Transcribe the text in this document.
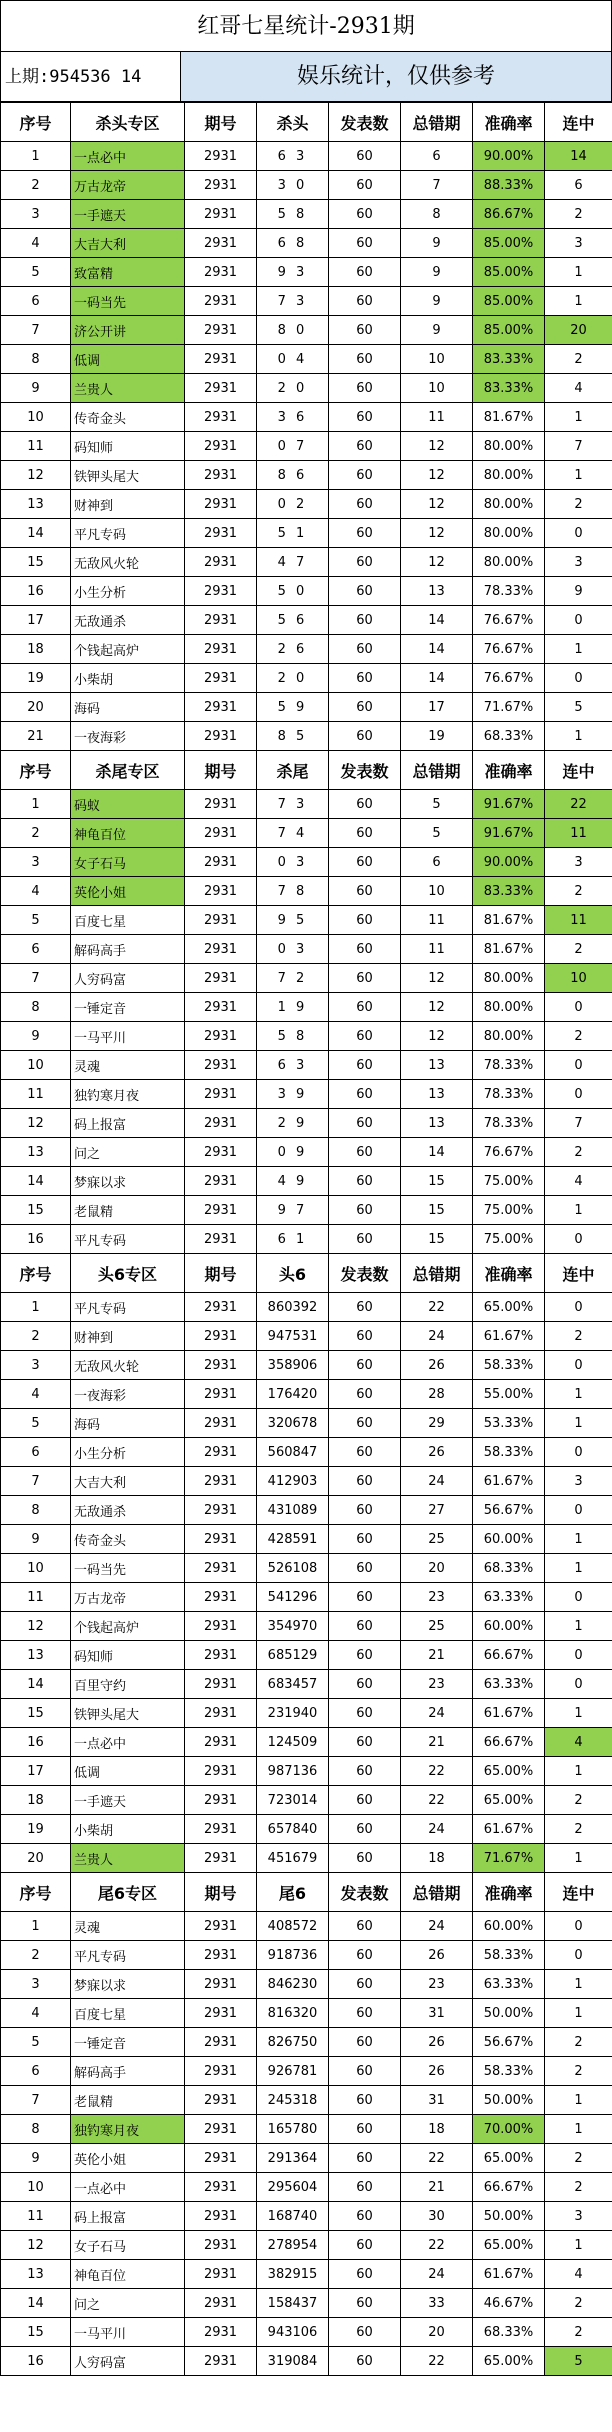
红哥七星统计-2931期
上期:954536 14	娱乐统计，仅供参考
序号	杀头专区	期号	杀头	发表数	总错期	准确率	连中
1	一点必中	2931	6 3	60	6	90.00%	14
2	万古龙帝	2931	3 0	60	7	88.33%	6
3	一手遮天	2931	5 8	60	8	86.67%	2
4	大吉大利	2931	6 8	60	9	85.00%	3
5	致富精	2931	9 3	60	9	85.00%	1
6	一码当先	2931	7 3	60	9	85.00%	1
7	济公开讲	2931	8 0	60	9	85.00%	20
8	低调	2931	0 4	60	10	83.33%	2
9	兰贵人	2931	2 0	60	10	83.33%	4
10	传奇金头	2931	3 6	60	11	81.67%	1
11	码知师	2931	0 7	60	12	80.00%	7
12	铁钾头尾大	2931	8 6	60	12	80.00%	1
13	财神到	2931	0 2	60	12	80.00%	2
14	平凡专码	2931	5 1	60	12	80.00%	0
15	无敌风火轮	2931	4 7	60	12	80.00%	3
16	小生分析	2931	5 0	60	13	78.33%	9
17	无敌通杀	2931	5 6	60	14	76.67%	0
18	个钱起高炉	2931	2 6	60	14	76.67%	1
19	小柴胡	2931	2 0	60	14	76.67%	0
20	海码	2931	5 9	60	17	71.67%	5
21	一夜海彩	2931	8 5	60	19	68.33%	1
序号	杀尾专区	期号	杀尾	发表数	总错期	准确率	连中
1	码蚁	2931	7 3	60	5	91.67%	22
2	神龟百位	2931	7 4	60	5	91.67%	11
3	女子石马	2931	0 3	60	6	90.00%	3
4	英伦小姐	2931	7 8	60	10	83.33%	2
5	百度七星	2931	9 5	60	11	81.67%	11
6	解码高手	2931	0 3	60	11	81.67%	2
7	人穷码富	2931	7 2	60	12	80.00%	10
8	一锤定音	2931	1 9	60	12	80.00%	0
9	一马平川	2931	5 8	60	12	80.00%	2
10	灵魂	2931	6 3	60	13	78.33%	0
11	独钓寒月夜	2931	3 9	60	13	78.33%	0
12	码上报富	2931	2 9	60	13	78.33%	7
13	问之	2931	0 9	60	14	76.67%	2
14	梦寐以求	2931	4 9	60	15	75.00%	4
15	老鼠精	2931	9 7	60	15	75.00%	1
16	平凡专码	2931	6 1	60	15	75.00%	0
序号	头6专区	期号	头6	发表数	总错期	准确率	连中
1	平凡专码	2931	860392	60	22	65.00%	0
2	财神到	2931	947531	60	24	61.67%	2
3	无敌风火轮	2931	358906	60	26	58.33%	0
4	一夜海彩	2931	176420	60	28	55.00%	1
5	海码	2931	320678	60	29	53.33%	1
6	小生分析	2931	560847	60	26	58.33%	0
7	大吉大利	2931	412903	60	24	61.67%	3
8	无敌通杀	2931	431089	60	27	56.67%	0
9	传奇金头	2931	428591	60	25	60.00%	1
10	一码当先	2931	526108	60	20	68.33%	1
11	万古龙帝	2931	541296	60	23	63.33%	0
12	个钱起高炉	2931	354970	60	25	60.00%	1
13	码知师	2931	685129	60	21	66.67%	0
14	百里守约	2931	683457	60	23	63.33%	0
15	铁钾头尾大	2931	231940	60	24	61.67%	1
16	一点必中	2931	124509	60	21	66.67%	4
17	低调	2931	987136	60	22	65.00%	1
18	一手遮天	2931	723014	60	22	65.00%	2
19	小柴胡	2931	657840	60	24	61.67%	2
20	兰贵人	2931	451679	60	18	71.67%	1
序号	尾6专区	期号	尾6	发表数	总错期	准确率	连中
1	灵魂	2931	408572	60	24	60.00%	0
2	平凡专码	2931	918736	60	26	58.33%	0
3	梦寐以求	2931	846230	60	23	63.33%	1
4	百度七星	2931	816320	60	31	50.00%	1
5	一锤定音	2931	826750	60	26	56.67%	2
6	解码高手	2931	926781	60	26	58.33%	2
7	老鼠精	2931	245318	60	31	50.00%	1
8	独钓寒月夜	2931	165780	60	18	70.00%	1
9	英伦小姐	2931	291364	60	22	65.00%	2
10	一点必中	2931	295604	60	21	66.67%	2
11	码上报富	2931	168740	60	30	50.00%	3
12	女子石马	2931	278954	60	22	65.00%	1
13	神龟百位	2931	382915	60	24	61.67%	4
14	问之	2931	158437	60	33	46.67%	2
15	一马平川	2931	943106	60	20	68.33%	2
16	人穷码富	2931	319084	60	22	65.00%	5
